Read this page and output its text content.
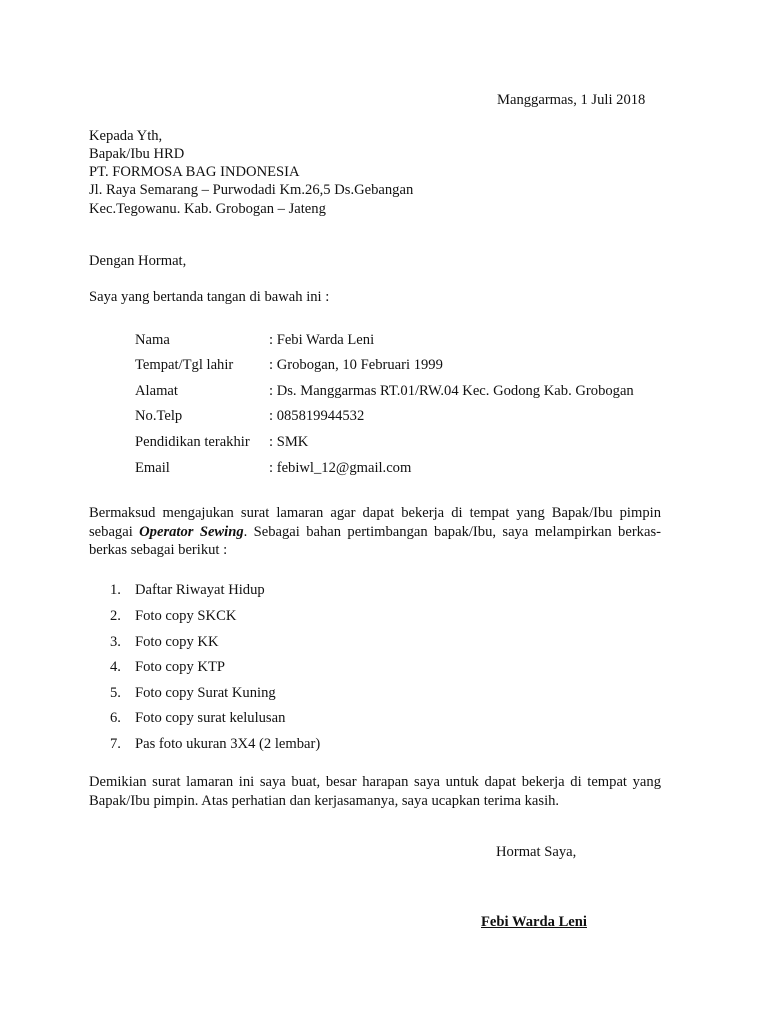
Manggarmas, 1 Juli 2018
Kepada Yth,
Bapak/Ibu HRD
PT. FORMOSA BAG INDONESIA
Jl. Raya Semarang – Purwodadi Km.26,5 Ds.Gebangan
Kec.Tegowanu. Kab. Grobogan – Jateng
Dengan Hormat,
Saya yang bertanda tangan di bawah ini :
Nama	: Febi Warda Leni
Tempat/Tgl lahir : Grobogan, 10 Februari 1999
Alamat	: Ds. Manggarmas RT.01/RW.04 Kec. Godong Kab. Grobogan
No.Telp	: 085819944532
Pendidikan terakhir : SMK
Email	: febiwl_12@gmail.com
Bermaksud mengajukan surat lamaran agar dapat bekerja di tempat yang Bapak/Ibu pimpin sebagai Operator Sewing. Sebagai bahan pertimbangan bapak/Ibu, saya melampirkan berkas-berkas sebagai berikut :
1. Daftar Riwayat Hidup
2. Foto copy SKCK
3. Foto copy KK
4. Foto copy KTP
5. Foto copy Surat Kuning
6. Foto copy surat kelulusan
7. Pas foto ukuran 3X4 (2 lembar)
Demikian surat lamaran ini saya buat, besar harapan saya untuk dapat bekerja di tempat yang Bapak/Ibu pimpin. Atas perhatian dan kerjasamanya, saya ucapkan terima kasih.
Hormat Saya,
Febi Warda Leni
